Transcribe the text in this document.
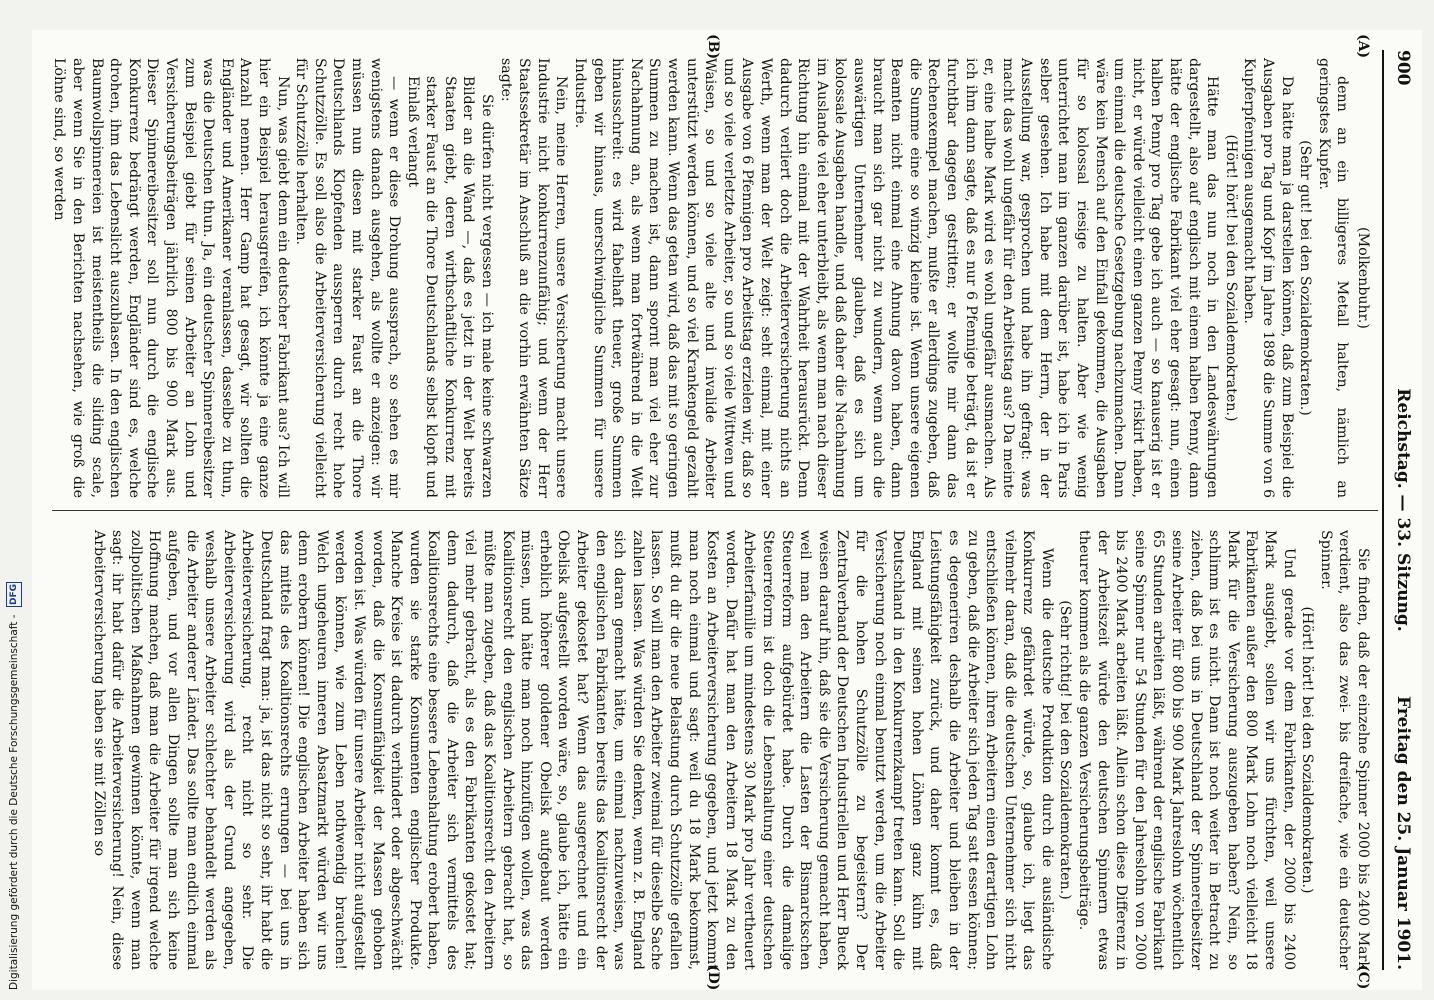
900
Reichstag. — 33. Sitzung.
Freitag den 25. Januar 1901.
(A)
(B)
(C)
(D)

(Molkenbuhr.)

denn an ein billigeres Metall halten, nämlich an geringstes Kupfer.

(Sehr gut! bei den Sozialdemokraten.)

Da hätte man ja darstellen können, daß zum Beispiel die Ausgaben pro Tag und Kopf im Jahre 1898 die Summe von 6 Kupferpfennigen ausgemacht haben.

(Hört! hört! bei den Sozialdemokraten.)

Hätte man das nun noch in den Landeswährungen dargestellt, also auf englisch mit einem halben Penny, dann hätte der englische Fabrikant viel eher gesagt: nun, einen halben Penny pro Tag gebe ich auch — so knauserig ist er nicht, er würde vielleicht einen ganzen Penny riskirt haben, um einmal die deutsche Gesetzgebung nachzumachen. Dann wäre kein Mensch auf den Einfall gekommen, die Ausgaben für so kolossal riesige zu halten. Aber wie wenig unterrichtet man im ganzen darüber ist, habe ich in Paris selber gesehen. Ich habe mit dem Herrn, der in der Ausstellung war, gesprochen und habe ihn gefragt: was macht das wohl ungefähr für den Arbeitstag aus? Da meinte er, eine halbe Mark wird es wohl ungefähr ausmachen. Als ich ihm dann sagte, daß es nur 6 Pfennige beträgt, da ist er furchtbar dagegen gestritten; er wollte mir dann das Rechenexempel machen, mußte er allerdings zugeben, daß die Summe eine so winzig kleine ist. Wenn unsere eigenen Beamten nicht einmal eine Ahnung davon haben, dann braucht man sich gar nicht zu wundern, wenn auch die auswärtigen Unternehmer glauben, daß es sich um kolossale Ausgaben handle, und daß daher die Nachahmung im Auslande viel eher unterbleibt, als wenn man nach dieser Richtung hin einmal mit der Wahrheit herausrückt. Denn dadurch verliert doch die Arbeiterversicherung nichts an Werth, wenn man der Welt zeigt: seht einmal, mit einer Ausgabe von 6 Pfennigen pro Arbeitstag erzielen wir, daß so und so viele verletzte Arbeiter, so und so viele Wittwen und Waisen, so und so viele alte und invalide Arbeiter unterstützt werden können, und so viel Krankengeld gezahlt werden kann. Wenn das getan wird, daß das mit so geringen Summen zu machen ist, dann spornt man viel eher zur Nachahmung an, als wenn man fortwährend in die Welt hinausschreit: es wird fabelhaft theuer, große Summen geben wir hinaus, unerschwingliche Summen für unsere Industrie.

Nein, meine Herren, unsere Versicherung macht unsere Industrie nicht konkurrenzunfähig; und wenn der Herr Staatssekretär im Anschluß an die vorhin erwähnten Sätze sagte:

Sie dürfen nicht vergessen — ich male keine schwarzen Bilder an die Wand —, daß es jetzt in der Welt bereits Staaten giebt, deren wirthschaftliche Konkurrenz mit starker Faust an die Thore Deutschlands selbst klopft und Einlaß verlangt

— wenn er diese Drohung aussprach, so sehen es mir wenigstens danach ausgehen, als wollte er anzeigen: wir müssen nun diesen mit starker Faust an die Thore Deutschlands Klopfenden aussperren durch recht hohe Schutzzölle. Es soll also die Arbeiterversicherung vielleicht für Schutzzölle herhalten.

Nun, was giebt denn ein deutscher Fabrikant aus? Ich will hier ein Beispiel herausgreifen, ich könnte ja eine ganze Anzahl nennen. Herr Gamp hat gesagt, wir sollten die Engländer und Amerikaner veranlassen, dasselbe zu thun, was die Deutschen thun. Ja, ein deutscher Spinnereibesitzer zum Beispiel giebt für seinen Arbeiter an Lohn und Versicherungsbeiträgen jährlich 800 bis 900 Mark aus. Dieser Spinnereibesitzer soll nun durch die englische Konkurrenz bedrängt werden, Engländer sind es, welche drohen, ihm das Lebenslicht auszublasen. In den englischen Baumwollspinnereien ist meistentheils die sliding scale, aber wenn Sie in den Berichten nachsehen, wie groß die Löhne sind, so werden

Sie finden, daß der einzelne Spinner 2000 bis 2400 Mark verdient, also das zwei- bis dreifache, wie ein deutscher Spinner.

(Hört! hört! bei den Sozialdemokraten.)

Und gerade vor dem Fabrikanten, der 2000 bis 2400 Mark ausgiebt, sollen wir uns fürchten, weil unsere Fabrikanten außer den 800 Mark Lohn noch vielleicht 18 Mark für die Versicherung auszugeben haben? Nein, so schlimm ist es nicht. Dann ist noch weiter in Betracht zu ziehen, daß bei uns in Deutschland der Spinnereibesitzer seine Arbeiter für 800 bis 900 Mark Jahreslohn wöchentlich 65 Stunden arbeiten läßt, während der englische Fabrikant seine Spinner nur 54 Stunden für den Jahreslohn von 2000 bis 2400 Mark arbeiten läßt. Allein schon diese Differenz in der Arbeitszeit würde den deutschen Spinnern etwas theurer kommen als die ganzen Versicherungsbeiträge.

(Sehr richtig! bei den Sozialdemokraten.)

Wenn die deutsche Produktion durch die ausländische Konkurrenz gefährdet würde, so, glaube ich, liegt das vielmehr daran, daß die deutschen Unternehmer sich nicht entschließen können, ihren Arbeitern einen derartigen Lohn zu geben, daß die Arbeiter sich jeden Tag satt essen können; es degeneriren deshalb die Arbeiter und bleiben in der Leistungsfähigkeit zurück, und daher kommt es, daß England mit seinen hohen Löhnen ganz kühn mit Deutschland in den Konkurrenzkampf treten kann. Soll die Versicherung noch einmal benutzt werden, um die Arbeiter für die hohen Schutzzölle zu begeistern? Der Zentralverband der Deutschen Industriellen und Herr Bueck weisen darauf hin, daß sie die Versicherung gemacht haben, weil man den Arbeitern die Lasten der Bismarckschen Steuerreform aufgebürdet habe. Durch die damalige Steuerreform ist doch die Lebenshaltung einer deutschen Arbeiterfamilie um mindestens 30 Mark pro Jahr vertheuert worden. Dafür hat man den Arbeitern 18 Mark zu den Kosten an Arbeiterversicherung gegeben, und jetzt kommt man noch einmal und sagt: weil du 18 Mark bekommst, mußt du dir die neue Belastung durch Schutzzölle gefallen lassen. So will man den Arbeiter zweimal für dieselbe Sache zahlen lassen. Was würden Sie denken, wenn z. B. England sich daran gemacht hätte, um einmal nachzuweisen, was den englischen Fabrikanten bereits das Koalitionsrecht der Arbeiter gekostet hat? Wenn das ausgerechnet und ein Obelisk aufgestellt worden wäre, so, glaube ich, hätte ein erheblich höherer goldener Obelisk aufgebaut werden müssen, und hätte man noch hinzufügen wollen, was das Koalitionsrecht den englischen Arbeitern gebracht hat, so müßte man zugeben, daß das Koalitionsrecht den Arbeitern viel mehr gebracht, als es den Fabrikanten gekostet hat; denn dadurch, daß die Arbeiter sich vermittels des Koalitionsrechts eine bessere Lebenshaltung erobert haben, wurden sie starke Konsumenten englischer Produkte. Manche Kreise ist dadurch verhindert oder abgeschwächt worden, daß die Konsumfähigkeit der Massen gehoben worden ist. Was würden für unsere Arbeiter nicht aufgestellt werden können, wie zum Leben nothwendig brauchen! Welch ungeheuren inneren Absatzmarkt würden wir uns denn erobern können! Die englischen Arbeiter haben sich das mittels des Koalitionsrechts errungen — bei uns in Deutschland fragt man: ja, ist das nicht so sehr, ihr habt die Arbeiterversicherung, recht nicht so sehr. Die Arbeiterversicherung wird als der Grund angegeben, weshalb unsere Arbeiter schlechter behandelt werden als die Arbeiter anderer Länder. Das sollte man endlich einmal aufgeben, und vor allen Dingen sollte man sich keine Hoffnung machen, daß man die Arbeiter für irgend welche zollpolitischen Maßnahmen gewinnen könnte, wenn man sagt: ihr habt dafür die Arbeiterversicherung! Nein, diese Arbeiterversicherung haben sie mit Zöllen so

Digitalisierung gefördert durch die Deutsche Forschungsgemeinschaft - DFG
